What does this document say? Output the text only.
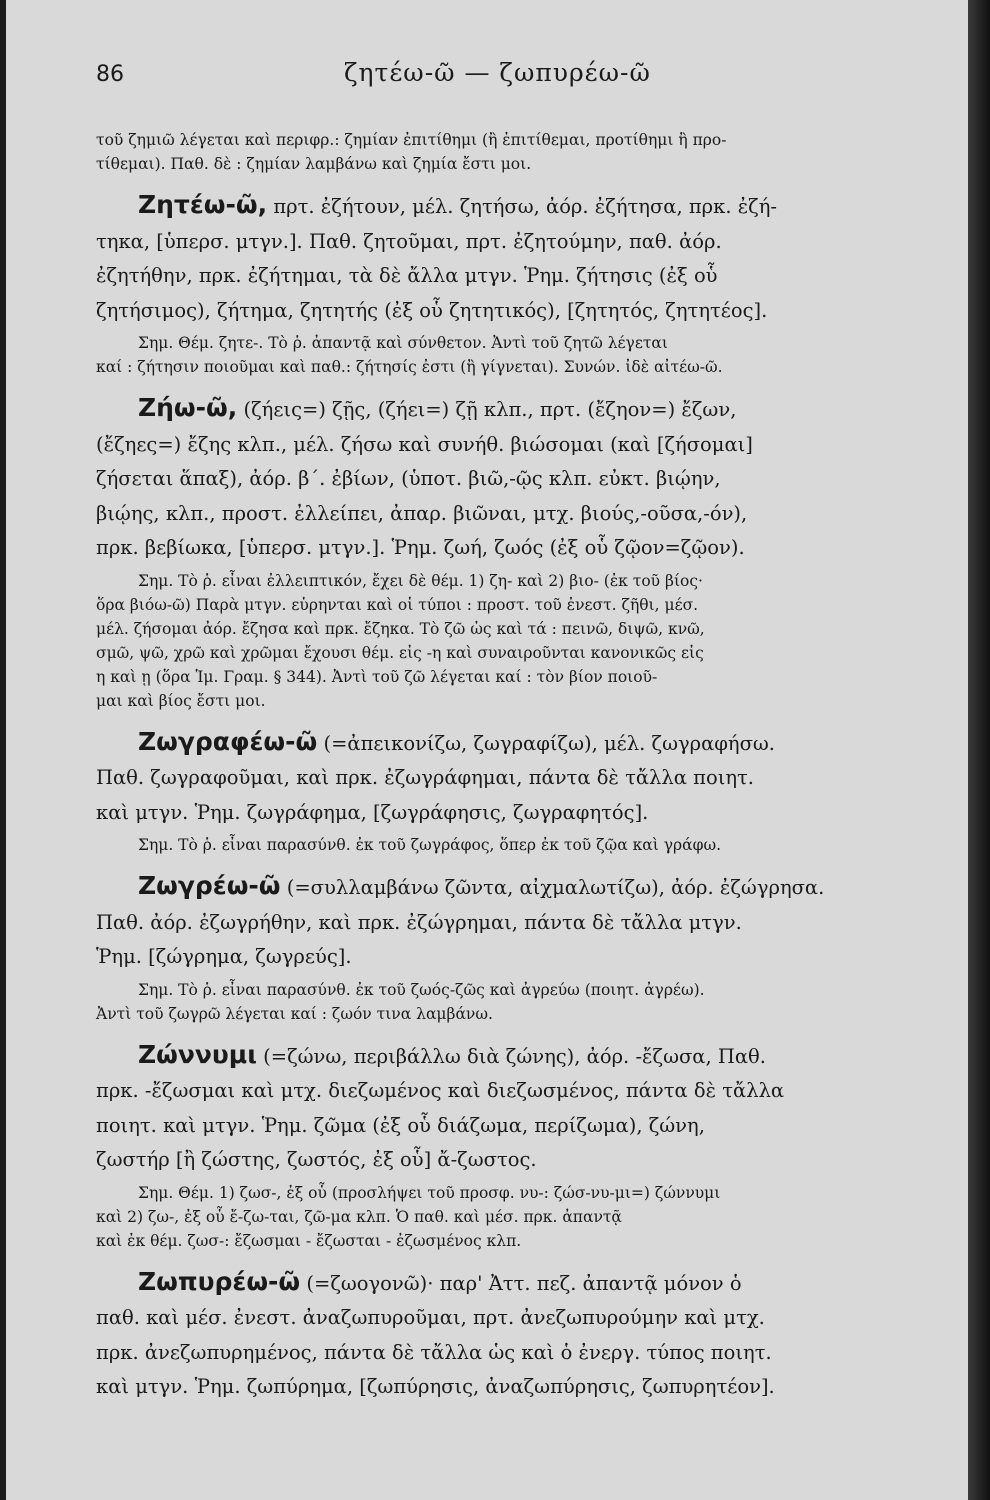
86	ζητέω-ῶ — ζωπυρέω-ῶ
τοῦ ζημιῶ λέγεται καὶ περιφρ.: ζημίαν ἐπιτίθημι (ἢ ἐπιτίθεμαι, προτίθημι ἢ προ-
τίθεμαι). Παθ. δὲ : ζημίαν λαμβάνω καὶ ζημία ἔστι μοι.
Ζητέω-ῶ, πρτ. ἐζήτουν, μέλ. ζητήσω, ἀόρ. ἐζήτησα, πρκ. ἐζή-
τηκα, [ὑπερσ. μτγν.]. Παθ. ζητοῦμαι, πρτ. ἐζητούμην, παθ. ἀόρ.
ἐζητήθην, πρκ. ἐζήτημαι, τὰ δὲ ἄλλα μτγν. Ῥημ. ζήτησις (ἐξ οὗ
ζητήσιμος), ζήτημα, ζητητής (ἐξ οὗ ζητητικός), [ζητητός, ζητητέος].
Σημ. Θέμ. ζητε-. Τὸ ῥ. ἀπαντᾷ καὶ σύνθετον. Ἀντὶ τοῦ ζητῶ λέγεται
καί : ζήτησιν ποιοῦμαι καὶ παθ.: ζήτησίς ἐστι (ἢ γίγνεται). Συνών. ἰδὲ αἰτέω-ῶ.
Ζήω-ῶ, (ζήεις=) ζῇς, (ζήει=) ζῇ κλπ., πρτ. (ἔζηον=) ἔζων,
(ἔζηες=) ἔζης κλπ., μέλ. ζήσω καὶ συνήθ. βιώσομαι (καὶ [ζήσομαι]
ζήσεται ἅπαξ), ἀόρ. β΄. ἐβίων, (ὑποτ. βιῶ,-ῷς κλπ. εὐκτ. βιῴην,
βιῴης, κλπ., προστ. ἐλλείπει, ἀπαρ. βιῶναι, μτχ. βιούς,-οῦσα,-όν),
πρκ. βεβίωκα, [ὑπερσ. μτγν.]. Ῥημ. ζωή, ζωός (ἐξ οὗ ζῷον=ζῷον).
Σημ. Τὸ ῥ. εἶναι ἐλλειπτικόν, ἔχει δὲ θέμ. 1) ζη- καὶ 2) βιο- (ἐκ τοῦ βίος·
ὅρα βιόω-ῶ) Παρὰ μτγν. εὑρηνται καὶ οἱ τύποι : προστ. τοῦ ἐνεστ. ζῆθι, μέσ.
μέλ. ζήσομαι ἀόρ. ἔζησα καὶ πρκ. ἔζηκα. Τὸ ζῶ ὡς καὶ τά : πεινῶ, διψῶ, κνῶ,
σμῶ, ψῶ, χρῶ καὶ χρῶμαι ἔχουσι θέμ. εἰς -η καὶ συναιροῦνται κανονικῶς εἰς
η καὶ ῃ (ὅρα Ἱμ. Γραμ. § 344). Ἀντὶ τοῦ ζῶ λέγεται καί : τὸν βίον ποιοῦ-
μαι καὶ βίος ἔστι μοι.
Ζωγραφέω-ῶ (=ἀπεικονίζω, ζωγραφίζω), μέλ. ζωγραφήσω.
Παθ. ζωγραφοῦμαι, καὶ πρκ. ἐζωγράφημαι, πάντα δὲ τἄλλα ποιητ.
καὶ μτγν. Ῥημ. ζωγράφημα, [ζωγράφησις, ζωγραφητός].
Σημ. Τὸ ῥ. εἶναι παρασύνθ. ἐκ τοῦ ζωγράφος, ὅπερ ἐκ τοῦ ζῷα καὶ γράφω.
Ζωγρέω-ῶ (=συλλαμβάνω ζῶντα, αἰχμαλωτίζω), ἀόρ. ἐζώγρησα.
Παθ. ἀόρ. ἐζωγρήθην, καὶ πρκ. ἐζώγρημαι, πάντα δὲ τἄλλα μτγν.
Ῥημ. [ζώγρημα, ζωγρεύς].
Σημ. Τὸ ῥ. εἶναι παρασύνθ. ἐκ τοῦ ζωός-ζῶς καὶ ἀγρεύω (ποιητ. ἀγρέω).
Ἀντὶ τοῦ ζωγρῶ λέγεται καί : ζωόν τινα λαμβάνω.
Ζώννυμι (=ζώνω, περιβάλλω διὰ ζώνης), ἀόρ. -ἔζωσα, Παθ.
πρκ. -ἔζωσμαι καὶ μτχ. διεζωμένος καὶ διεζωσμένος, πάντα δὲ τἄλλα
ποιητ. καὶ μτγν. Ῥημ. ζῶμα (ἐξ οὗ διάζωμα, περίζωμα), ζώνη,
ζωστήρ [ἢ ζώστης, ζωστός, ἐξ οὗ] ἄ-ζωστος.
Σημ. Θέμ. 1) ζωσ-, ἐξ οὗ (προσλήψει τοῦ προσφ. νυ-: ζώσ-νυ-μι=) ζώννυμι
καὶ 2) ζω-, ἐξ οὗ ἔ-ζω-ται, ζῶ-μα κλπ. Ὁ παθ. καὶ μέσ. πρκ. ἀπαντᾷ
καὶ ἐκ θέμ. ζωσ-: ἔζωσμαι - ἔζωσται - ἐζωσμένος κλπ.
Ζωπυρέω-ῶ (=ζωογονῶ)· παρ' Ἀττ. πεζ. ἀπαντᾷ μόνον ὁ
παθ. καὶ μέσ. ἐνεστ. ἀναζωπυροῦμαι, πρτ. ἀνεζωπυρούμην καὶ μτχ.
πρκ. ἀνεζωπυρημένος, πάντα δὲ τἄλλα ὡς καὶ ὁ ἐνεργ. τύπος ποιητ.
καὶ μτγν. Ῥημ. ζωπύρημα, [ζωπύρησις, ἀναζωπύρησις, ζωπυρητέον].
